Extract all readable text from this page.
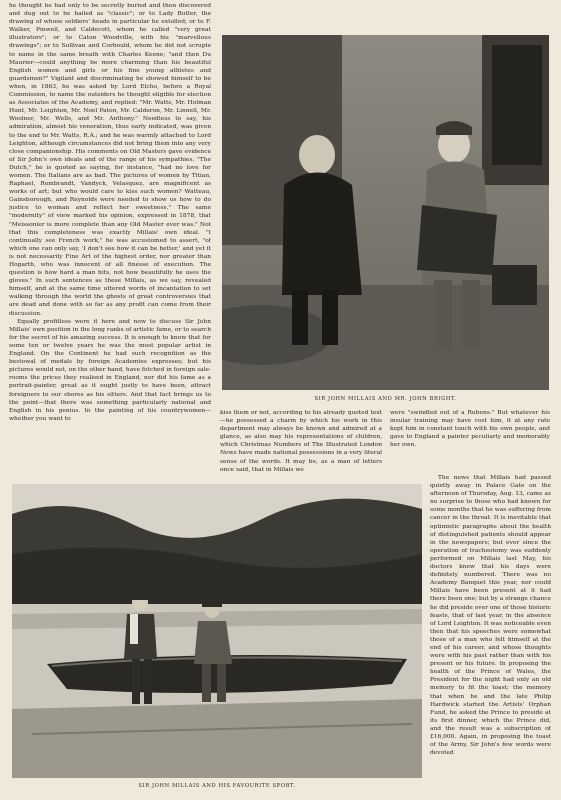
he thought he had only to be secretly buried and then discovered and dug out to be hailed as "classic"; or to Lady Butler, the drawing of whose soldiers' heads in particular he extolled; or to F. Walker, Pinwell, and Caldecott, whom he called "very great illustrators"; or to Caton Woodville, with his "marvellous drawings"; or to Sullivan and Corbould, whom he did not scruple to name in the same breath with Charles Keene; "and then Du Maurier—could anything be more charming than his beautiful English women and girls or his fine young athletes and guardsmen?" Vigilant and discriminating he showed himself to be when, in 1863, he was asked by Lord Elcho, before a Royal Commission, to name the outsiders he thought eligible for election as Associates of the Academy, and replied: "Mr. Watts, Mr. Holman Hunt, Mr. Leighton, Mr. Noel Paton, Mr. Calderon, Mr. Linnell, Mr. Woolner, Mr. Wells, and Mr. Anthony." Needless to say, his admiration, almost his veneration, thus early indicated, was given to the end to Mr. Watts, R.A.; and he was warmly attached to Lord Leighton, although circumstances did not bring them into any very close companionship. His comments on Old Masters gave evidence of Sir John's own ideals and of the range of his sympathies. "The Dutch," he is quoted as saying, for instance, "had no love for women. The Italians are as bad. The pictures of women by Titian, Raphael, Rembrandt, Vandyck, Velasquez, are magnificent as works of art; but who would care to kiss such women? Watteau, Gainsborough, and Reynolds were needed to show us how to do justice to woman and reflect her sweetness." The same "modernity" of view marked his opinion, expressed in 1878, that "Meissonier is more complete than any Old Master ever was." Not that this completeness was exactly Millais' own ideal. "I continually see French work," he was accustomed to assert, "of which one can only say, 'I don't see how it can be better,' and yet it is not necessarily Fine Art of the highest order, nor greater than Hogarth, who was innocent of all finesse of execution. The question is how hard a man hits, not how beautifully he uses the gloves." In such sentences as these Millais, as we say, revealed himself, and at the same time uttered words of incantation to set walking through the world the ghosts of great controversies that are dead and done with so far as any profit can come from their discussion.

Equally profitless were it here and now to discuss Sir John Millais' own position in the long ranks of artistic fame, or to search for the secret of his amazing success. It is enough to know that for some ten or twelve years he was the most popular artist in England. On the Continent he had such recognition as the bestowal of medals by foreign Academies expresses; but his pictures would not, on the other hand, have fetched in foreign sale-rooms the prices they realised in England, nor did his fame as a portrait-painter, great as it ought justly to have been, attract foreigners to our shores as his sitters. And that fact brings us to the point—that there was something particularly national and English in his genius. In the painting of his countrywomen—whether you want to

SIR JOHN MILLAIS AND MR. JOHN BRIGHT.

kiss them or not, according to his already quoted text—he possessed a charm by which his work in this department may always be known and admired at a glance, as also may his representations of children, which Christmas Numbers of The Illustrated London News have made national possessions in a very literal sense of the words. It may be, as a man of letters once said, that in Millais we

were "swindled out of a Rubens." But whatever his insular training may have cost him, it at any rate kept him in constant touch with his own people, and gave to England a painter peculiarly and memorably her own.

SIR JOHN MILLAIS AND HIS FAVOURITE SPORT.

The news that Millais had passed quietly away in Palace Gate on the afternoon of Thursday, Aug. 13, came as no surprise to those who had known for some months that he was suffering from cancer in the throat. It is inevitable that optimistic paragraphs about the health of distinguished patients should appear in the newspapers; but ever since the operation of tracheotomy was suddenly performed on Millais last May, his doctors knew that his days were definitely numbered. There was no Academy Banquet this year, nor could Millais have been present at it had there been one; but by a strange chance he did preside over one of those historic feasts, that of last year, in the absence of Lord Leighton. It was noticeable even then that his speeches were somewhat those of a man who felt himself at the end of his career, and whose thoughts were with his past rather than with his present or his future. In proposing the health of the Prince of Wales, the President for the night had only an old memory to fit the toast; the memory that when he and the late Philip Hardwick started the Artists' Orphan Fund, he asked the Prince to preside at its first dinner, which the Prince did, and the result was a subscription of £16,000. Again, in proposing the toast of the Army, Sir John's few words were devoted
